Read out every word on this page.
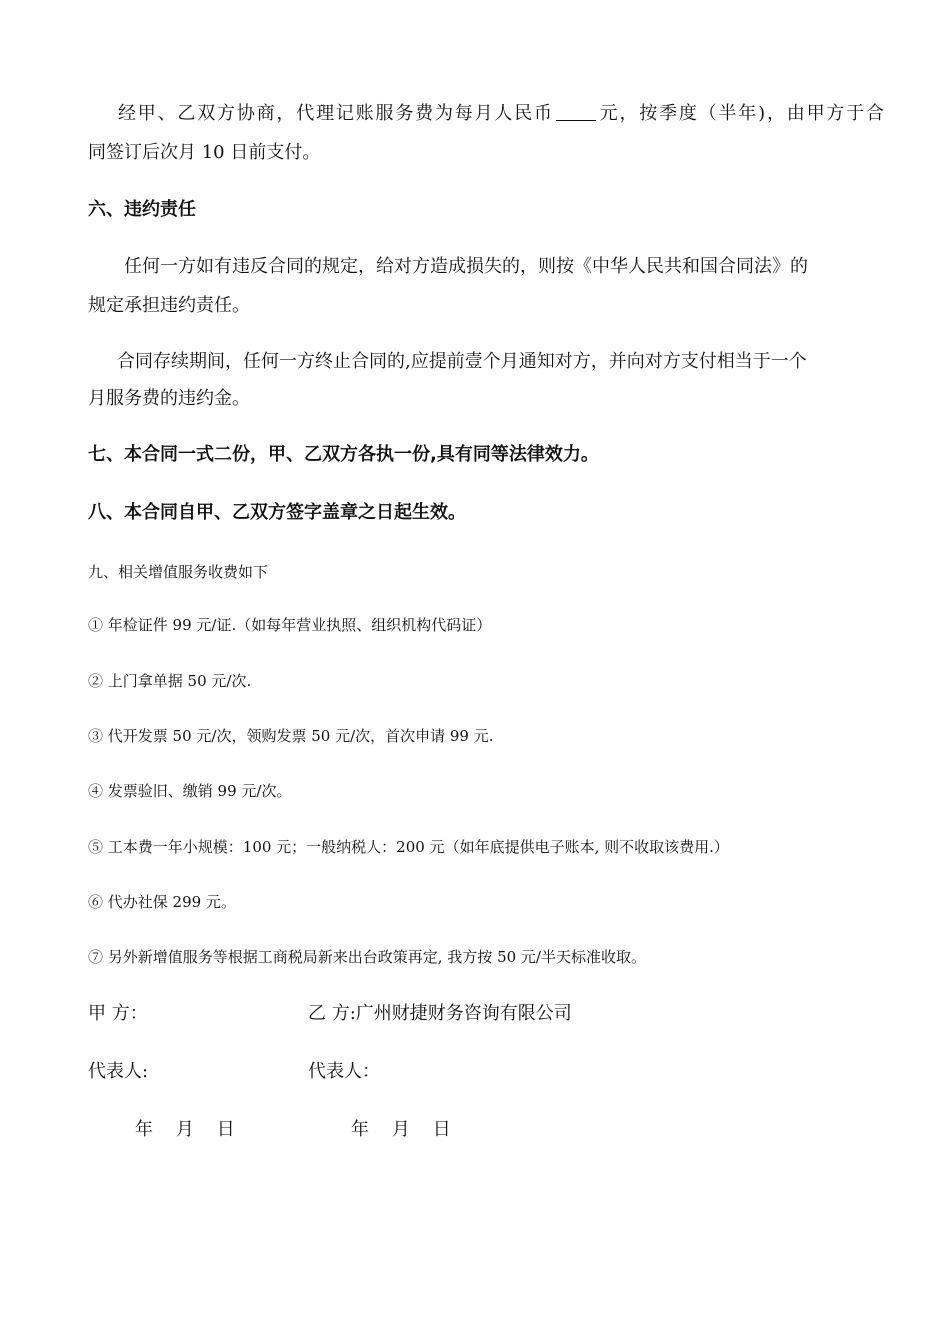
经甲、乙双方协商，代理记账服务费为每月人民币 元，按季度（半年)，由甲方于合
同签订后次月 10 日前支付。
六、违约责任
任何一方如有违反合同的规定，给对方造成损失的，则按《中华人民共和国合同法》的
规定承担违约责任。
合同存续期间，任何一方终止合同的,应提前壹个月通知对方，并向对方支付相当于一个
月服务费的违约金。
七、本合同一式二份，甲、乙双方各执一份,具有同等法律效力。
八、本合同自甲、乙双方签字盖章之日起生效。
九、相关增值服务收费如下
① 年检证件 99 元/证.（如每年营业执照、组织机构代码证）
② 上门拿单据 50 元/次.
③ 代开发票 50 元/次，领购发票 50 元/次，首次申请 99 元.
④ 发票验旧、缴销 99 元/次。
⑤ 工本费一年小规模：100 元；一般纳税人：200 元（如年底提供电子账本, 则不收取该费用.）
⑥ 代办社保 299 元。
⑦ 另外新增值服务等根据工商税局新来出台政策再定, 我方按 50 元/半天标准收取。
甲 方：	乙 方:广州财捷财务咨询有限公司
代表人:	代表人：
年    月    日	年    月    日
